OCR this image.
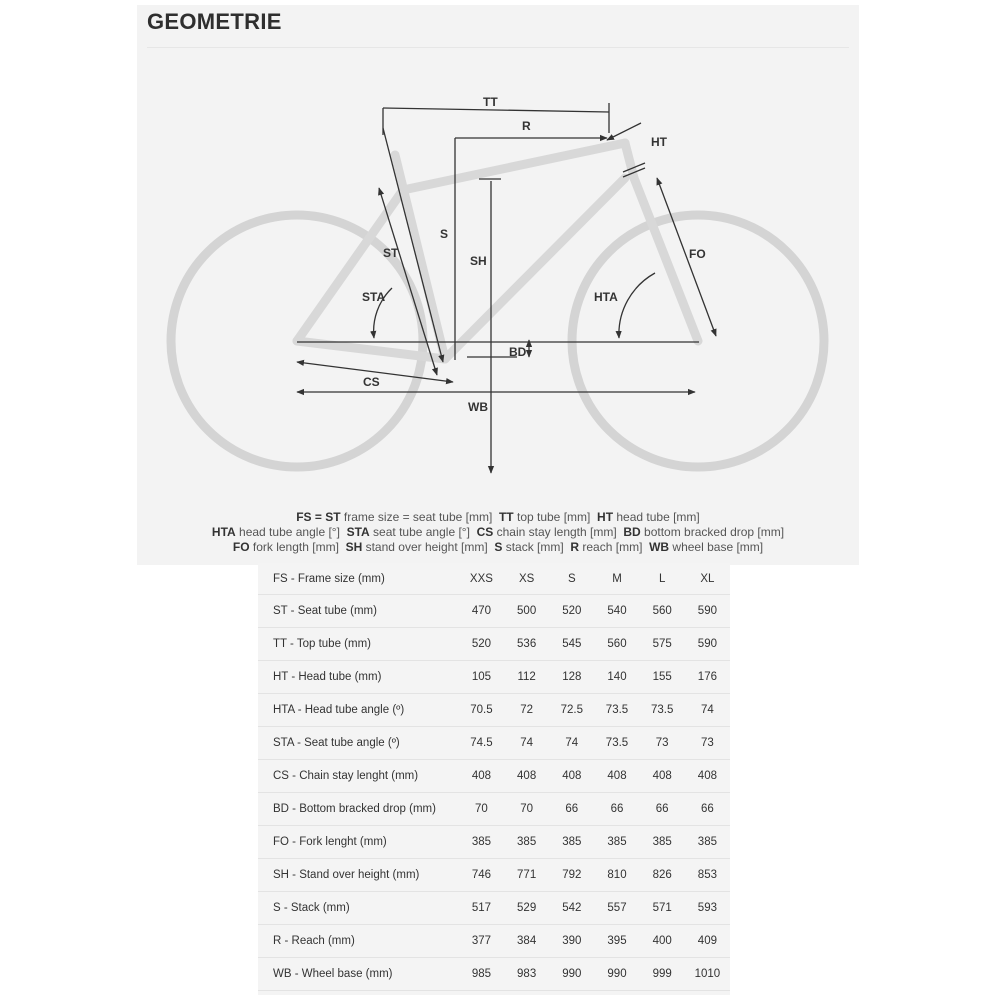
GEOMETRIE
TT
R
HT
S
SH
ST
STA
FO
HTA
BD
CS
WB
FS = ST frame size = seat tube [mm] TT top tube [mm] HT head tube [mm]
HTA head tube angle [°] STA seat tube angle [°] CS chain stay length [mm] BD bottom bracked drop [mm]
FO fork length [mm] SH stand over height [mm] S stack [mm] R reach [mm] WB wheel base [mm]
FS - Frame size (mm)	XXS	XS	S	M	L	XL
ST - Seat tube (mm)	470	500	520	540	560	590
TT - Top tube (mm)	520	536	545	560	575	590
HT - Head tube (mm)	105	112	128	140	155	176
HTA - Head tube angle (º)	70.5	72	72.5	73.5	73.5	74
STA - Seat tube angle (º)	74.5	74	74	73.5	73	73
CS - Chain stay lenght (mm)	408	408	408	408	408	408
BD - Bottom bracked drop (mm)	70	70	66	66	66	66
FO - Fork lenght (mm)	385	385	385	385	385	385
SH - Stand over height (mm)	746	771	792	810	826	853
S - Stack (mm)	517	529	542	557	571	593
R - Reach (mm)	377	384	390	395	400	409
WB - Wheel base (mm)	985	983	990	990	999	1010
